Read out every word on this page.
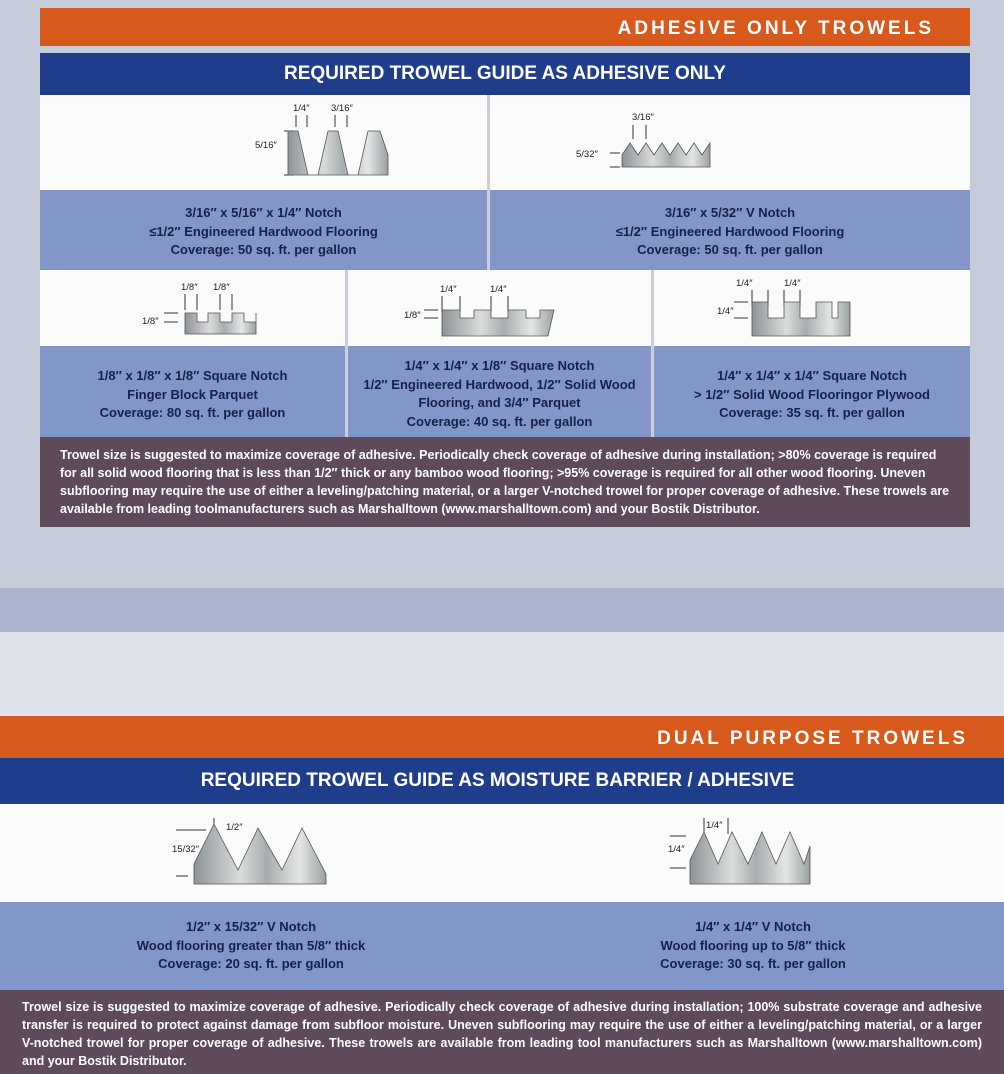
ADHESIVE ONLY TROWELS
REQUIRED TROWEL GUIDE AS ADHESIVE ONLY
1/4″ 3/16″
5/16″
3/16″
5/32″
3/16″ x 5/16″ x 1/4″ Notch
≤1/2″ Engineered Hardwood Flooring
Coverage: 50 sq. ft. per gallon
3/16″ x 5/32″ V Notch
≤1/2″ Engineered Hardwood Flooring
Coverage: 50 sq. ft. per gallon
1/8″ 1/8″
1/8″
1/4″	1/4″
1/8″
1/4″	1/4″
1/4″
1/8″ x 1/8″ x 1/8″ Square Notch
Finger Block Parquet
Coverage: 80 sq. ft. per gallon
1/4″ x 1/4″ x 1/8″ Square Notch
1/2″ Engineered Hardwood, 1/2″ Solid Wood
Flooring, and 3/4″ Parquet
Coverage: 40 sq. ft. per gallon
1/4″ x 1/4″ x 1/4″ Square Notch
> 1/2″ Solid Wood Flooringor Plywood
Coverage: 35 sq. ft. per gallon
Trowel size is suggested to maximize coverage of adhesive. Periodically check coverage of adhesive during installation; >80% coverage is required for all solid wood flooring that is less than 1/2″ thick or any bamboo wood flooring; >95% coverage is required for all other wood flooring. Uneven subflooring may require the use of either a leveling/patching material, or a larger V-notched trowel for proper coverage of adhesive. These trowels are available from leading toolmanufacturers such as Marshalltown (www.marshalltown.com) and your Bostik Distributor.
DUAL PURPOSE TROWELS
REQUIRED TROWEL GUIDE AS MOISTURE BARRIER / ADHESIVE
1/2″
15/32″
1/4″
1/4″
1/2″ x 15/32″ V Notch
Wood flooring greater than 5/8″ thick
Coverage: 20 sq. ft. per gallon
1/4″ x 1/4″ V Notch
Wood flooring up to 5/8″ thick
Coverage: 30 sq. ft. per gallon
Trowel size is suggested to maximize coverage of adhesive. Periodically check coverage of adhesive during installation; 100% substrate coverage and adhesive transfer is required to protect against damage from subfloor moisture. Uneven subflooring may require the use of either a leveling/patching material, or a larger V-notched trowel for proper coverage of adhesive. These trowels are available from leading tool manufacturers such as Marshalltown (www.marshalltown.com) and your Bostik Distributor.
